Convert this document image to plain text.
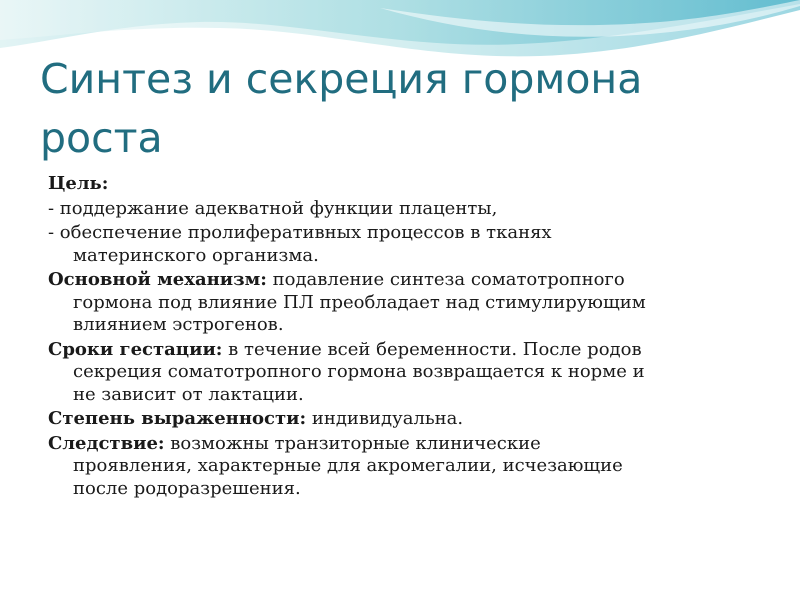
Синтез и секреция гормона
роста

Цель:

- поддержание адекватной функции плаценты,

- обеспечение пролиферативных процессов в тканях

материнского организма.

Основной механизм: подавление синтеза соматотропного

гормона под влияние ПЛ преобладает над стимулирующим

влиянием эстрогенов.

Сроки гестации: в течение всей беременности. После родов

секреция соматотропного гормона возвращается к норме и

не зависит от лактации.

Степень выраженности: индивидуальна.

Следствие: возможны транзиторные клинические

проявления, характерные для акромегалии, исчезающие

после родоразрешения.
